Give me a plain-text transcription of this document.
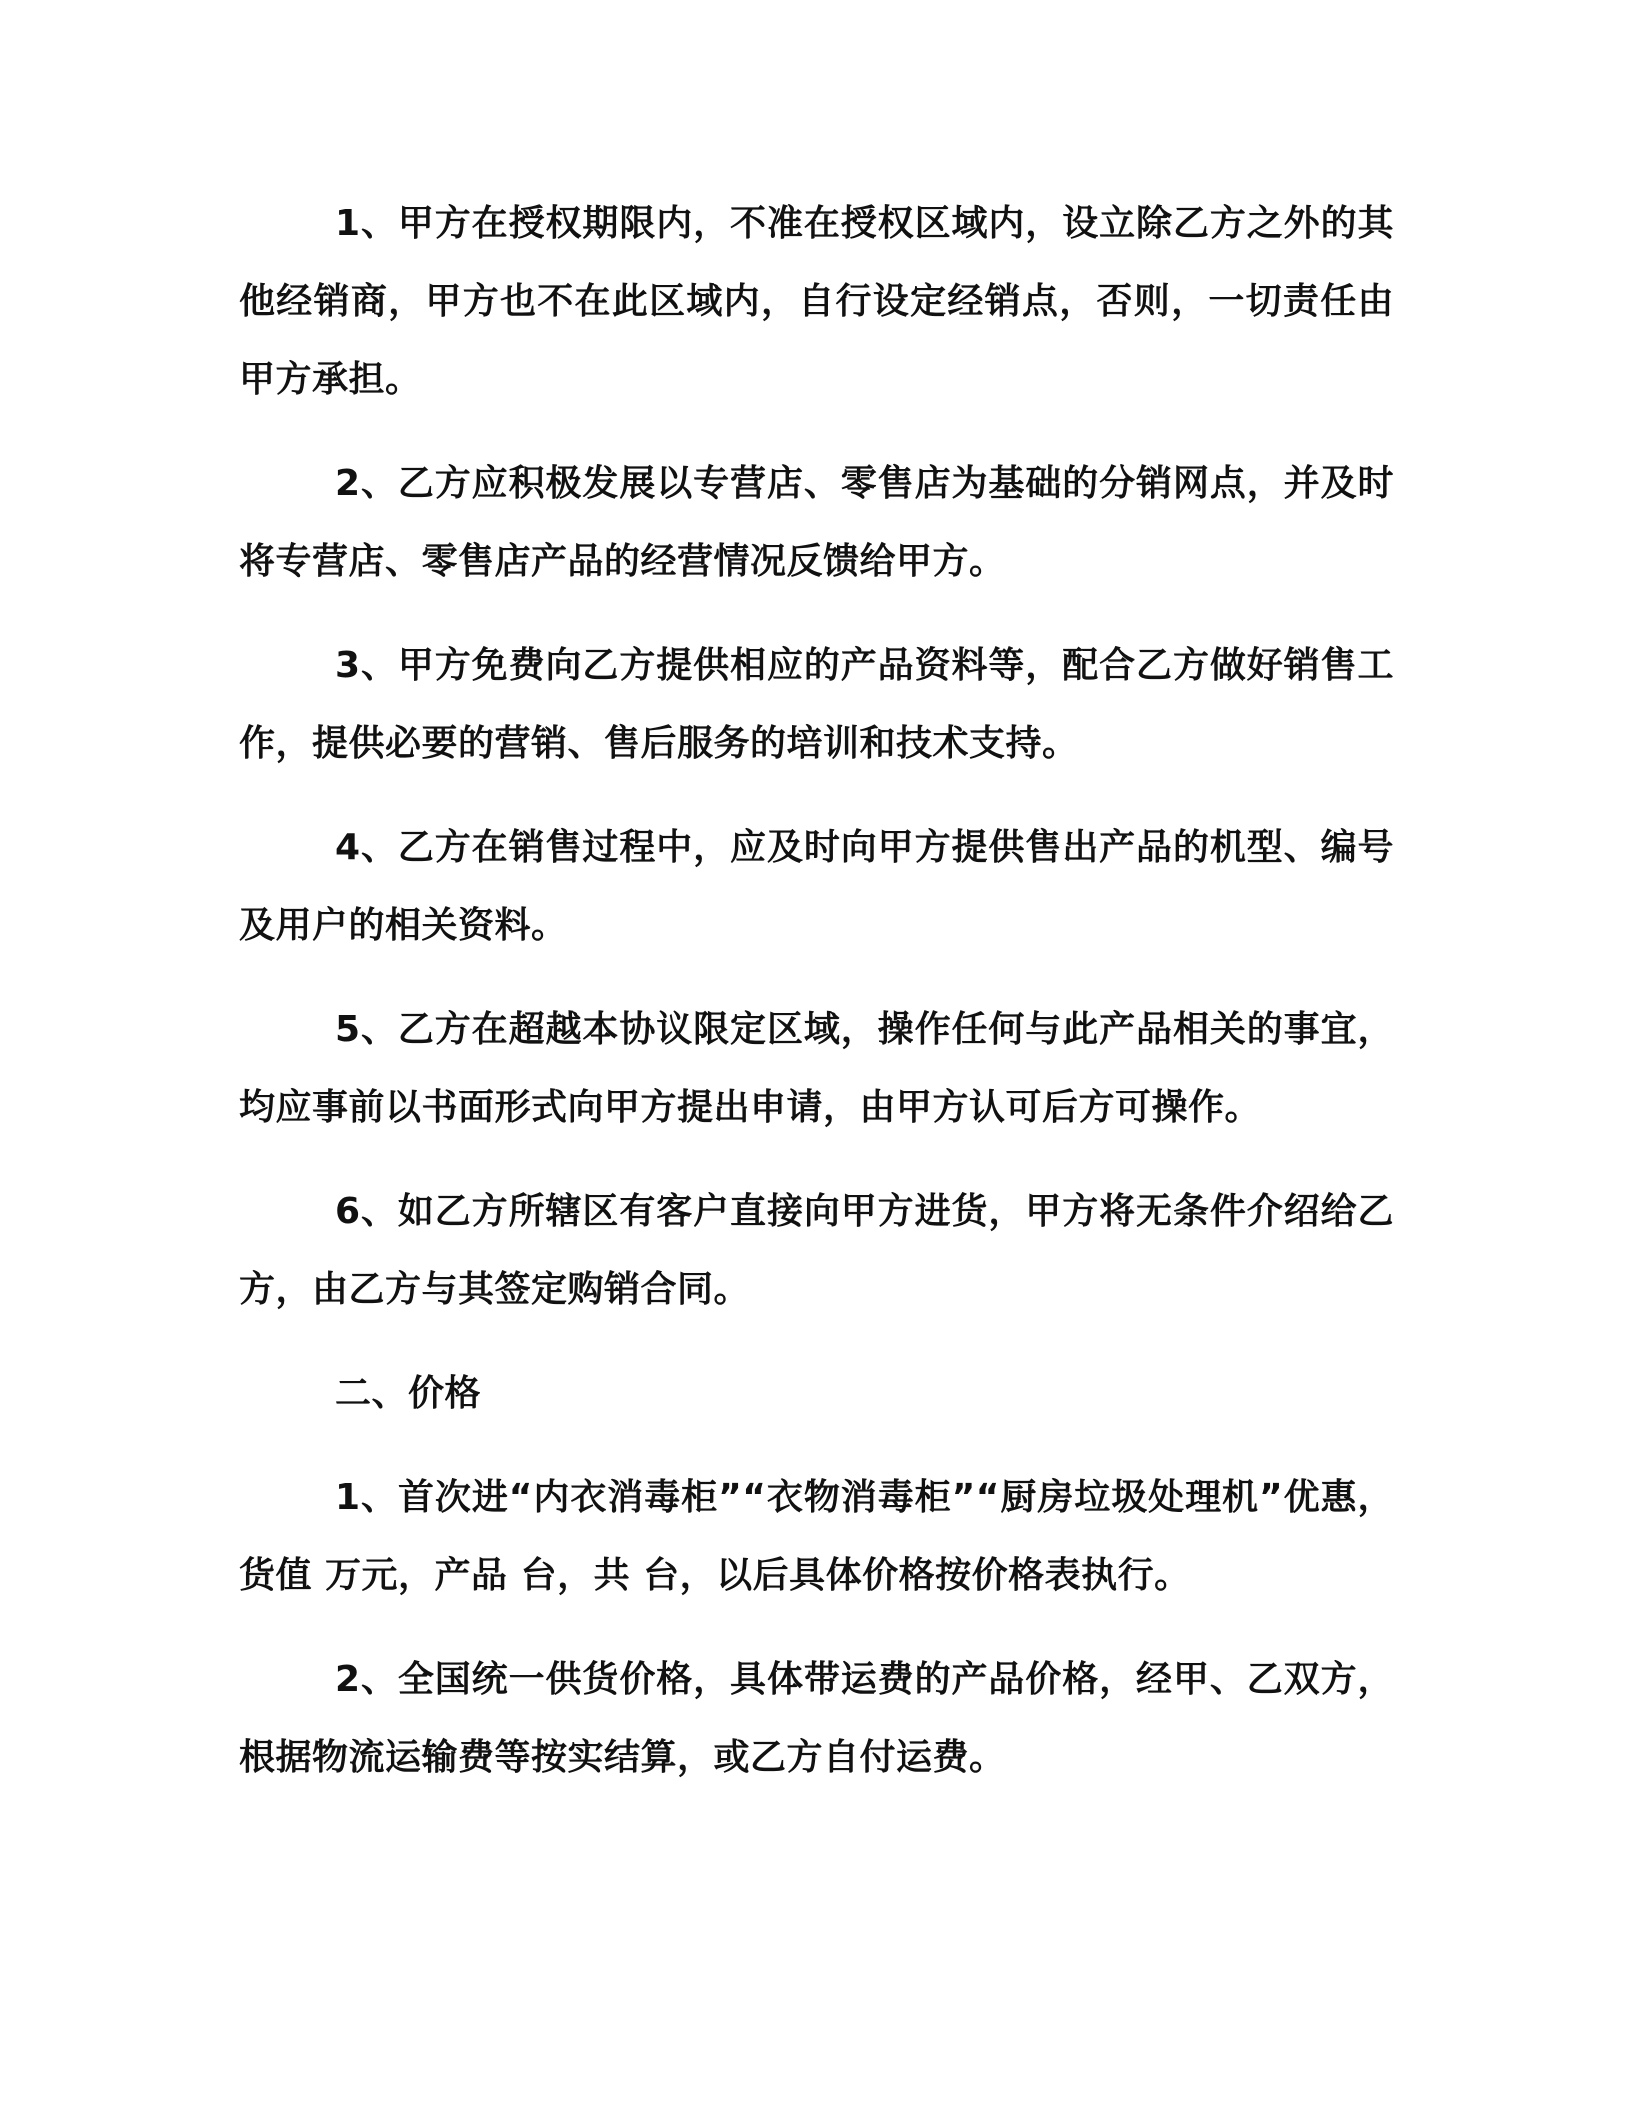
1、甲方在授权期限内，不准在授权区域内，设立除乙方之外的其他经销商，甲方也不在此区域内，自行设定经销点，否则，一切责任由甲方承担。

2、乙方应积极发展以专营店、零售店为基础的分销网点，并及时将专营店、零售店产品的经营情况反馈给甲方。

3、甲方免费向乙方提供相应的产品资料等，配合乙方做好销售工作，提供必要的营销、售后服务的培训和技术支持。

4、乙方在销售过程中，应及时向甲方提供售出产品的机型、编号及用户的相关资料。

5、乙方在超越本协议限定区域，操作任何与此产品相关的事宜，均应事前以书面形式向甲方提出申请，由甲方认可后方可操作。

6、如乙方所辖区有客户直接向甲方进货，甲方将无条件介绍给乙方，由乙方与其签定购销合同。

二、价格

1、首次进“内衣消毒柜”“衣物消毒柜”“厨房垃圾处理机”优惠，货值 万元，产品 台，共 台，以后具体价格按价格表执行。

2、全国统一供货价格，具体带运费的产品价格，经甲、乙双方，根据物流运输费等按实结算，或乙方自付运费。
